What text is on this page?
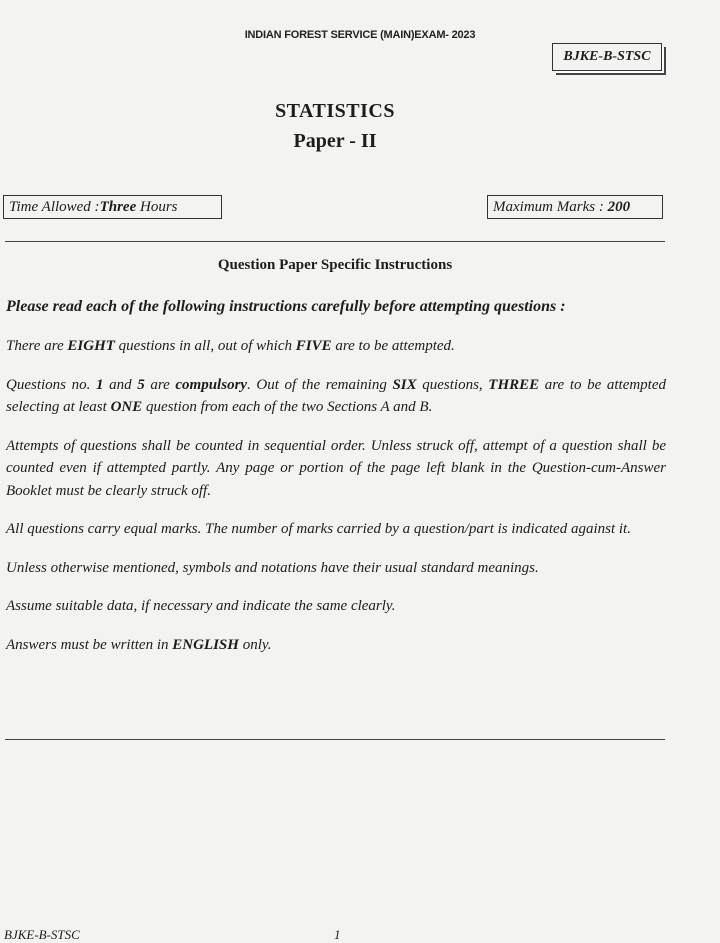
INDIAN FOREST SERVICE (MAIN)EXAM- 2023
BJKE-B-STSC
STATISTICS
Paper - II
Time Allowed : Three Hours	Maximum Marks : 200
Question Paper Specific Instructions

Please read each of the following instructions carefully before attempting questions :

There are EIGHT questions in all, out of which FIVE are to be attempted.

Questions no. 1 and 5 are compulsory. Out of the remaining SIX questions, THREE are to be attempted selecting at least ONE question from each of the two Sections A and B.

Attempts of questions shall be counted in sequential order. Unless struck off, attempt of a question shall be counted even if attempted partly. Any page or portion of the page left blank in the Question-cum-Answer Booklet must be clearly struck off.

All questions carry equal marks. The number of marks carried by a question/part is indicated against it.

Unless otherwise mentioned, symbols and notations have their usual standard meanings.

Assume suitable data, if necessary and indicate the same clearly.

Answers must be written in ENGLISH only.

BJKE-B-STSC	1
